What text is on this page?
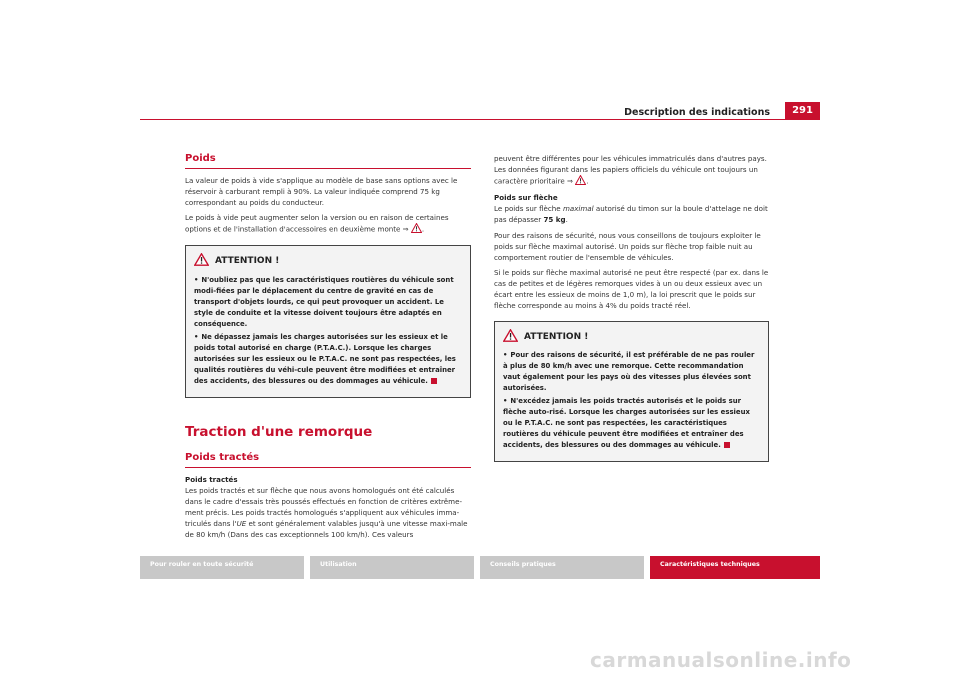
Description des indications	291
Poids

La valeur de poids à vide s'applique au modèle de base sans options avec le réservoir à carburant rempli à 90%. La valeur indiquée comprend 75 kg correspondant au poids du conducteur.

Le poids à vide peut augmenter selon la version ou en raison de certaines options et de l'installation d'accessoires en deuxième monte ⇒ .

ATTENTION !
• N'oubliez pas que les caractéristiques routières du véhicule sont modi-fiées par le déplacement du centre de gravité en cas de transport d'objets lourds, ce qui peut provoquer un accident. Le style de conduite et la vitesse doivent toujours être adaptés en conséquence.
• Ne dépassez jamais les charges autorisées sur les essieux et le poids total autorisé en charge (P.T.A.C.). Lorsque les charges autorisées sur les essieux ou le P.T.A.C. ne sont pas respectées, les qualités routières du véhi-cule peuvent être modifiées et entraîner des accidents, des blessures ou des dommages au véhicule.
Traction d'une remorque
Poids tractés

Poids tractés

Les poids tractés et sur flèche que nous avons homologués ont été calculés dans le cadre d'essais très poussés effectués en fonction de critères extrême-ment précis. Les poids tractés homologués s'appliquent aux véhicules imma-triculés dans l'UE et sont généralement valables jusqu'à une vitesse maxi-male de 80 km/h (Dans des cas exceptionnels 100 km/h). Ces valeurs

peuvent être différentes pour les véhicules immatriculés dans d'autres pays. Les données figurant dans les papiers officiels du véhicule ont toujours un caractère prioritaire ⇒ .

Poids sur flèche

Le poids sur flèche maximal autorisé du timon sur la boule d'attelage ne doit pas dépasser 75 kg.

Pour des raisons de sécurité, nous vous conseillons de toujours exploiter le poids sur flèche maximal autorisé. Un poids sur flèche trop faible nuit au comportement routier de l'ensemble de véhicules.

Si le poids sur flèche maximal autorisé ne peut être respecté (par ex. dans le cas de petites et de légères remorques vides à un ou deux essieux avec un écart entre les essieux de moins de 1,0 m), la loi prescrit que le poids sur flèche corresponde au moins à 4% du poids tracté réel.

ATTENTION !
• Pour des raisons de sécurité, il est préférable de ne pas rouler à plus de 80 km/h avec une remorque. Cette recommandation vaut également pour les pays où des vitesses plus élevées sont autorisées.
• N'excédez jamais les poids tractés autorisés et le poids sur flèche auto-risé. Lorsque les charges autorisées sur les essieux ou le P.T.A.C. ne sont pas respectées, les caractéristiques routières du véhicule peuvent être modifiées et entraîner des accidents, des blessures ou des dommages au véhicule.
Pour rouler en toute sécurité	Utilisation	Conseils pratiques	Caractéristiques techniques
carmanualsonline.info
